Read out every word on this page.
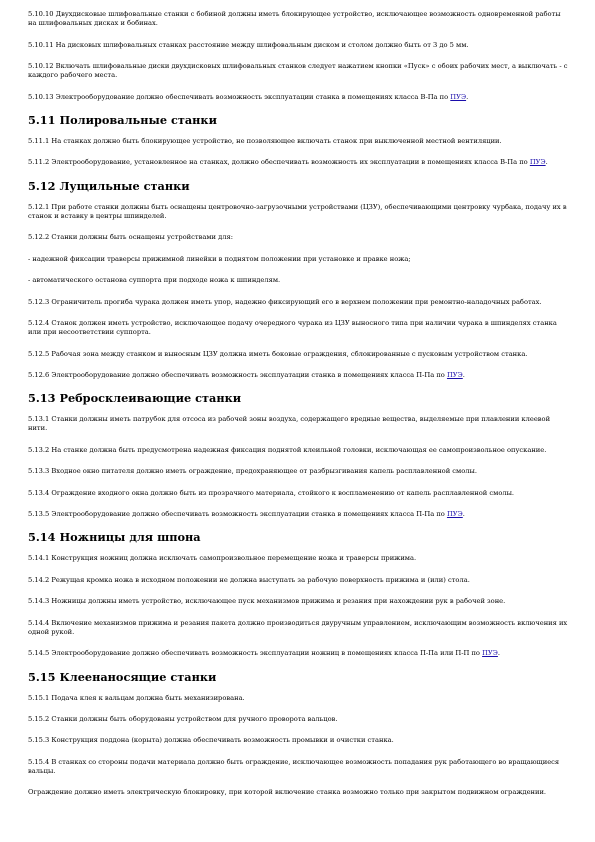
5.10.10 Двухдисковые шлифовальные станки с бобиной должны иметь блокирующее устройство, исключающее возможность одновременной работы на шлифовальных дисках и бобинах.

5.10.11 На дисковых шлифовальных станках расстояние между шлифовальным диском и столом должно быть от 3 до 5 мм.

5.10.12 Включать шлифовальные диски двухдисковых шлифовальных станков следует нажатием кнопки «Пуск» с обоих рабочих мест, а выключать - с каждого рабочего места.

5.10.13 Электрооборудование должно обеспечивать возможность эксплуатации станка в помещениях класса В-Па по ПУЭ.

5.11 Полировальные станки

5.11.1 На станках должно быть блокирующее устройство, не позволяющее включать станок при выключенной местной вентиляции.

5.11.2 Электрооборудование, установленное на станках, должно обеспечивать возможность их эксплуатации в помещениях класса В-Па по ПУЭ.

5.12 Лущильные станки

5.12.1 При работе станки должны быть оснащены центровочно-загрузочными устройствами (ЦЗУ), обеспечивающими центровку чурбака, подачу их в станок и вставку в центры шпинделей.

5.12.2 Станки должны быть оснащены устройствами для:

- надежной фиксации траверсы прижимной линейки в поднятом положении при установке и правке ножа;

- автоматического останова суппорта при подходе ножа к шпинделям.

5.12.3 Ограничитель прогиба чурака должен иметь упор, надежно фиксирующий его в верхнем положении при ремонтно-наладочных работах.

5.12.4 Станок должен иметь устройство, исключающее подачу очередного чурака из ЦЗУ выносного типа при наличии чурака в шпинделях станка или при несоответствии суппорта.

5.12.5 Рабочая зона между станком и выносным ЦЗУ должна иметь боковые ограждения, сблокированные с пусковым устройством станка.

5.12.6 Электрооборудование должно обеспечивать возможность эксплуатации станка в помещениях класса П-Па по ПУЭ.

5.13 Ребросклеивающие станки

5.13.1 Станки должны иметь патрубок для отсоса из рабочей зоны воздуха, содержащего вредные вещества, выделяемые при плавлении клеевой нити.

5.13.2 На станке должна быть предусмотрена надежная фиксация поднятой клеильной головки, исключающая ее самопроизвольное опускание.

5.13.3 Входное окно питателя должно иметь ограждение, предохраняющее от разбрызгивания капель расплавленной смолы.

5.13.4 Ограждение входного окна должно быть из прозрачного материала, стойкого к воспламенению от капель расплавленной смолы.

5.13.5 Электрооборудование должно обеспечивать возможность эксплуатации станка в помещениях класса П-Па по ПУЭ.

5.14 Ножницы для шпона

5.14.1 Конструкция ножниц должна исключать самопроизвольное перемещение ножа и траверсы прижима.

5.14.2 Режущая кромка ножа в исходном положении не должна выступать за рабочую поверхность прижима и (или) стола.

5.14.3 Ножницы должны иметь устройство, исключающее пуск механизмов прижима и резания при нахождении рук в рабочей зоне.

5.14.4 Включение механизмов прижима и резания пакета должно производиться двуручным управлением, исключающим возможность включения их одной рукой.

5.14.5 Электрооборудование должно обеспечивать возможность эксплуатации ножниц в помещениях класса П-Па или П-П по ПУЭ.

5.15 Клеенаносящие станки

5.15.1 Подача клея к вальцам должна быть механизирована.

5.15.2 Станки должны быть оборудованы устройством для ручного проворота вальцов.

5.15.3 Конструкция поддона (корыта) должна обеспечивать возможность промывки и очистки станка.

5.15.4 В станках со стороны подачи материала должно быть ограждение, исключающее возможность попадания рук работающего во вращающиеся вальцы.

Ограждение должно иметь электрическую блокировку, при которой включение станка возможно только при закрытом подвижном ограждении.
